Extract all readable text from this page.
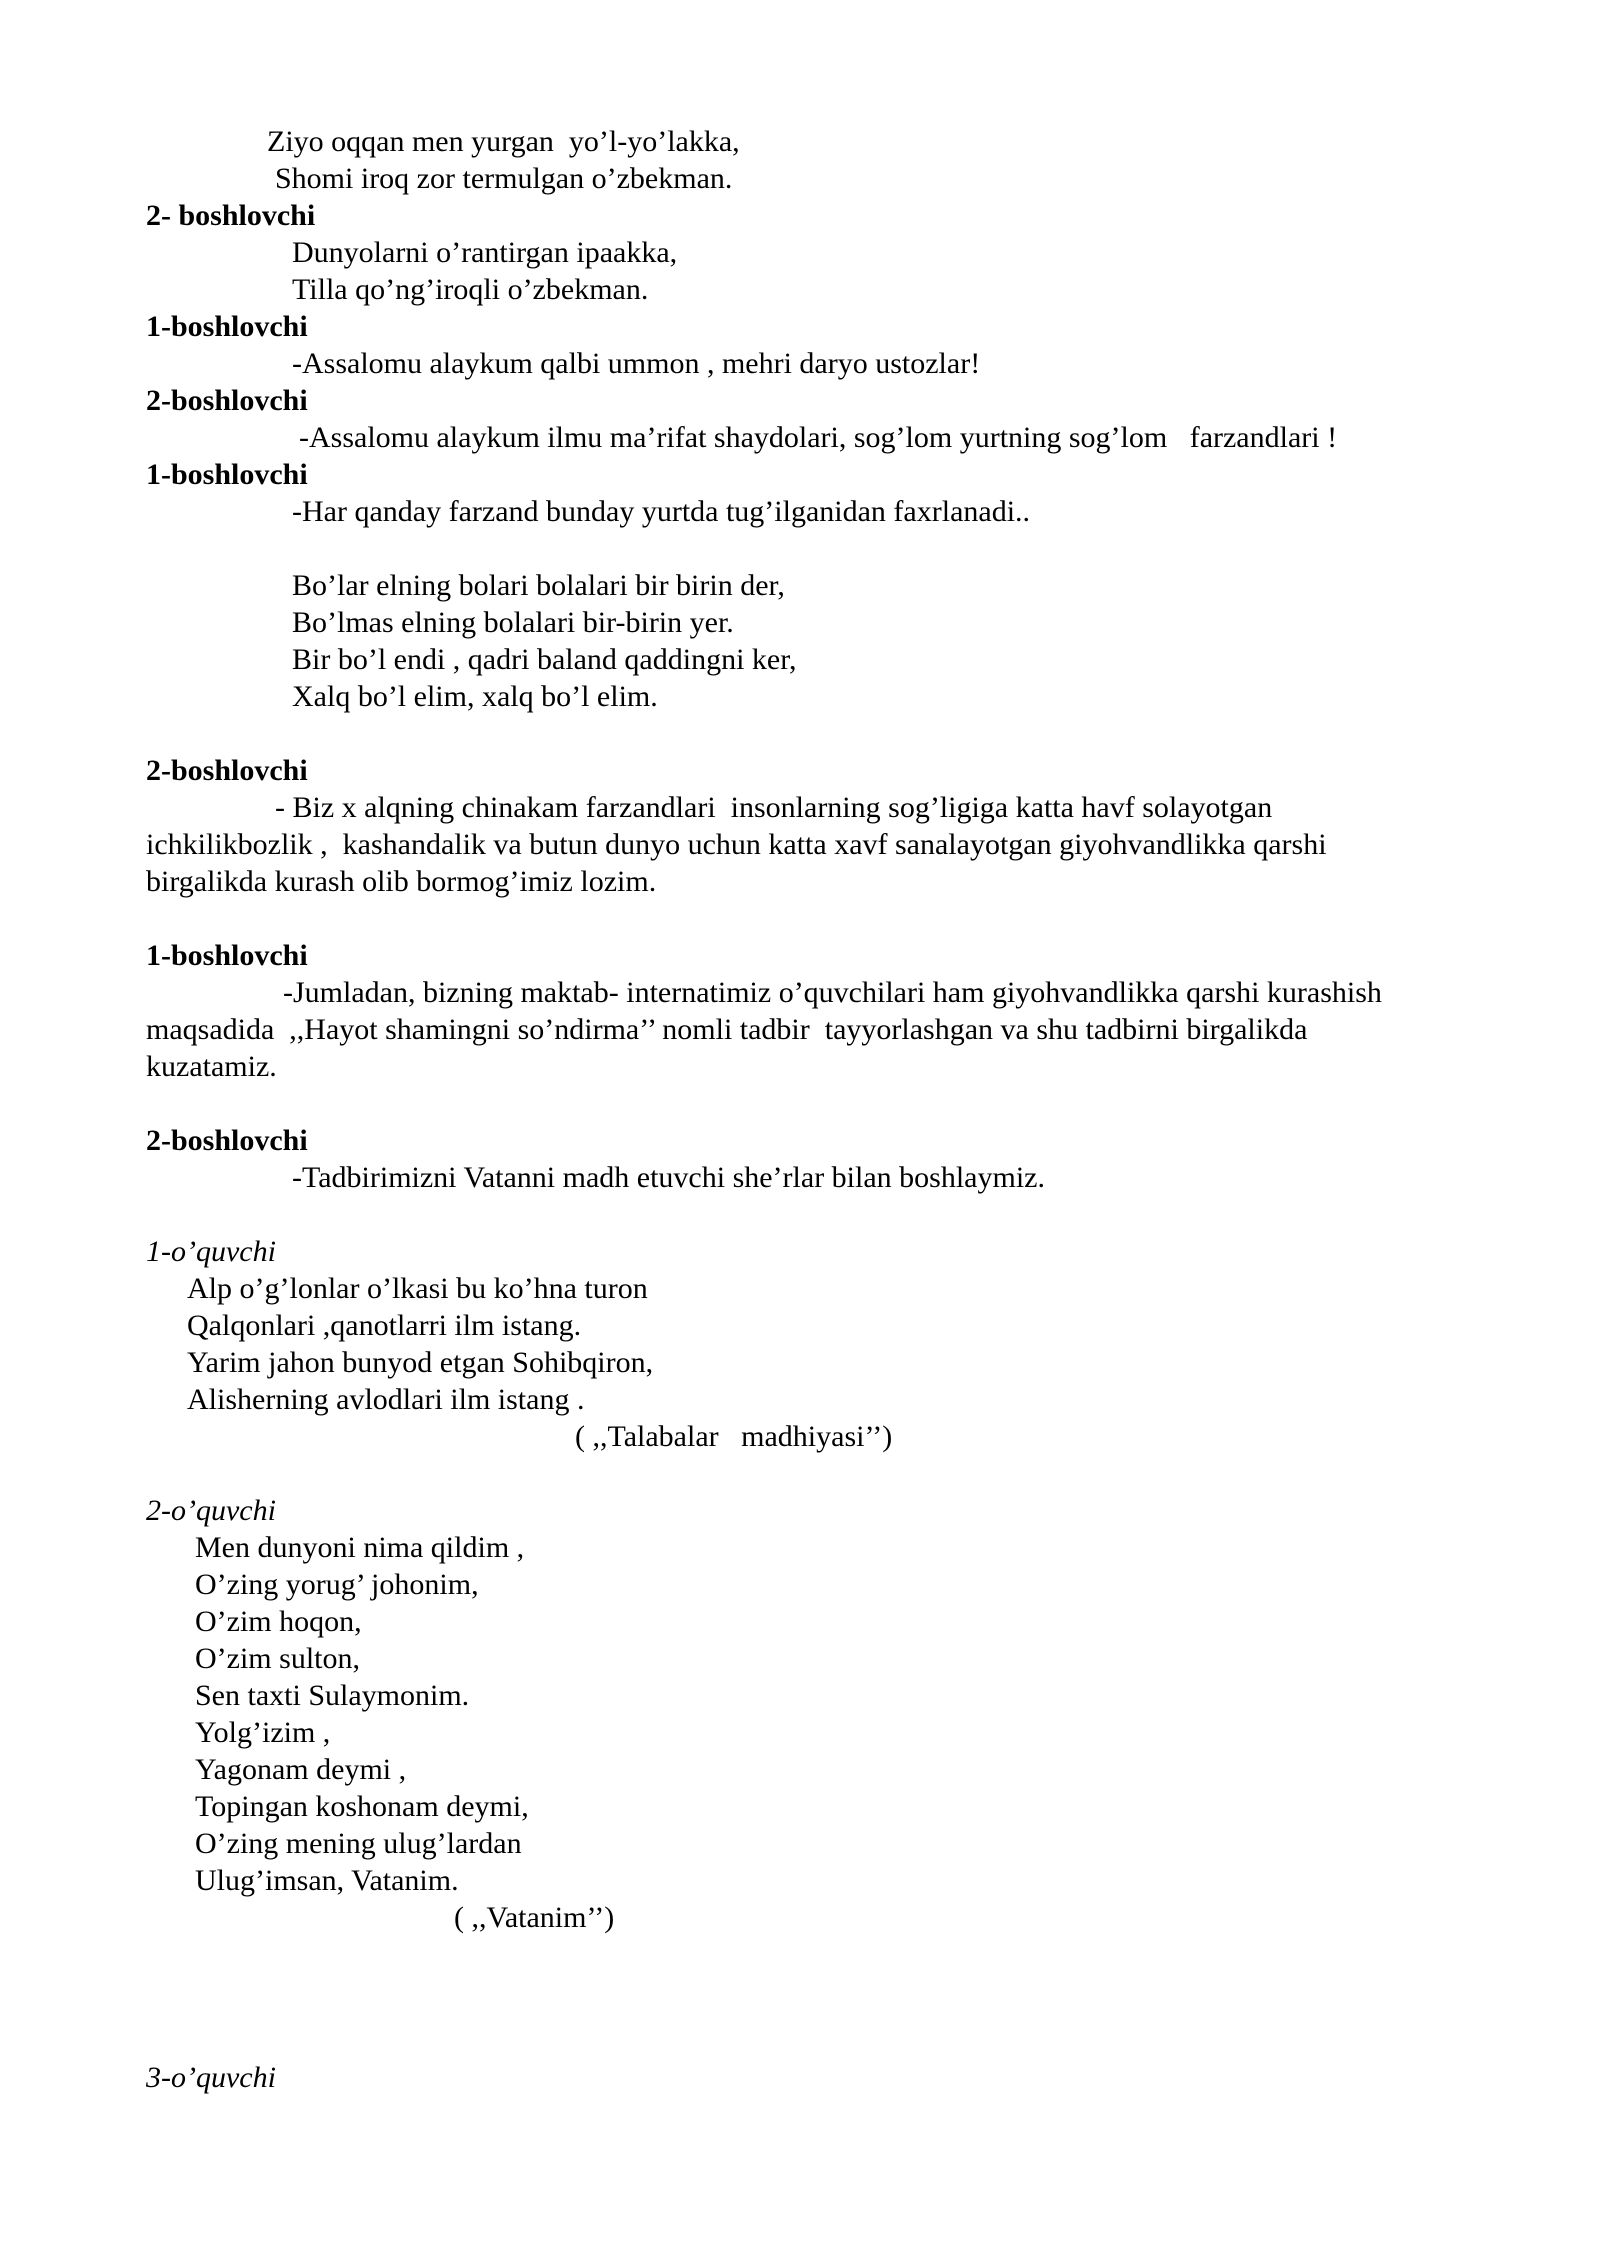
Ziyo oqqan men yurgan  yo’l-yo’lakka,
Shomi iroq zor termulgan o’zbekman.
2- boshlovchi
Dunyolarni o’rantirgan ipaakka,
Tilla qo’ng’iroqli o’zbekman.
1-boshlovchi
-Assalomu alaykum qalbi ummon , mehri daryo ustozlar!
2-boshlovchi
-Assalomu alaykum ilmu ma’rifat shaydolari, sog’lom yurtning sog’lom   farzandlari !
1-boshlovchi
-Har qanday farzand bunday yurtda tug’ilganidan faxrlanadi..
Bo’lar elning bolari bolalari bir birin der,
Bo’lmas elning bolalari bir-birin yer.
Bir bo’l endi , qadri baland qaddingni ker,
Xalq bo’l elim, xalq bo’l elim.
2-boshlovchi
- Biz x alqning chinakam farzandlari  insonlarning sog’ligiga katta havf solayotgan
ichkilikbozlik ,  kashandalik va butun dunyo uchun katta xavf sanalayotgan giyohvandlikka qarshi
birgalikda kurash olib bormog’imiz lozim.
1-boshlovchi
-Jumladan, bizning maktab- internatimiz o’quvchilari ham giyohvandlikka qarshi kurashish
maqsadida  ,,Hayot shamingni so’ndirma’’ nomli tadbir  tayyorlashgan va shu tadbirni birgalikda
kuzatamiz.
2-boshlovchi
-Tadbirimizni Vatanni madh etuvchi she’rlar bilan boshlaymiz.
1-o’quvchi
Alp o’g’lonlar o’lkasi bu ko’hna turon
Qalqonlari ,qanotlarri ilm istang.
Yarim jahon bunyod etgan Sohibqiron,
Alisherning avlodlari ilm istang .
( ,,Talabalar   madhiyasi’’)
2-o’quvchi
Men dunyoni nima qildim ,
O’zing yorug’ johonim,
O’zim hoqon,
O’zim sulton,
Sen taxti Sulaymonim.
Yolg’izim ,
Yagonam deymi ,
Topingan koshonam deymi,
O’zing mening ulug’lardan
Ulug’imsan, Vatanim.
( ,,Vatanim’’)
3-o’quvchi
